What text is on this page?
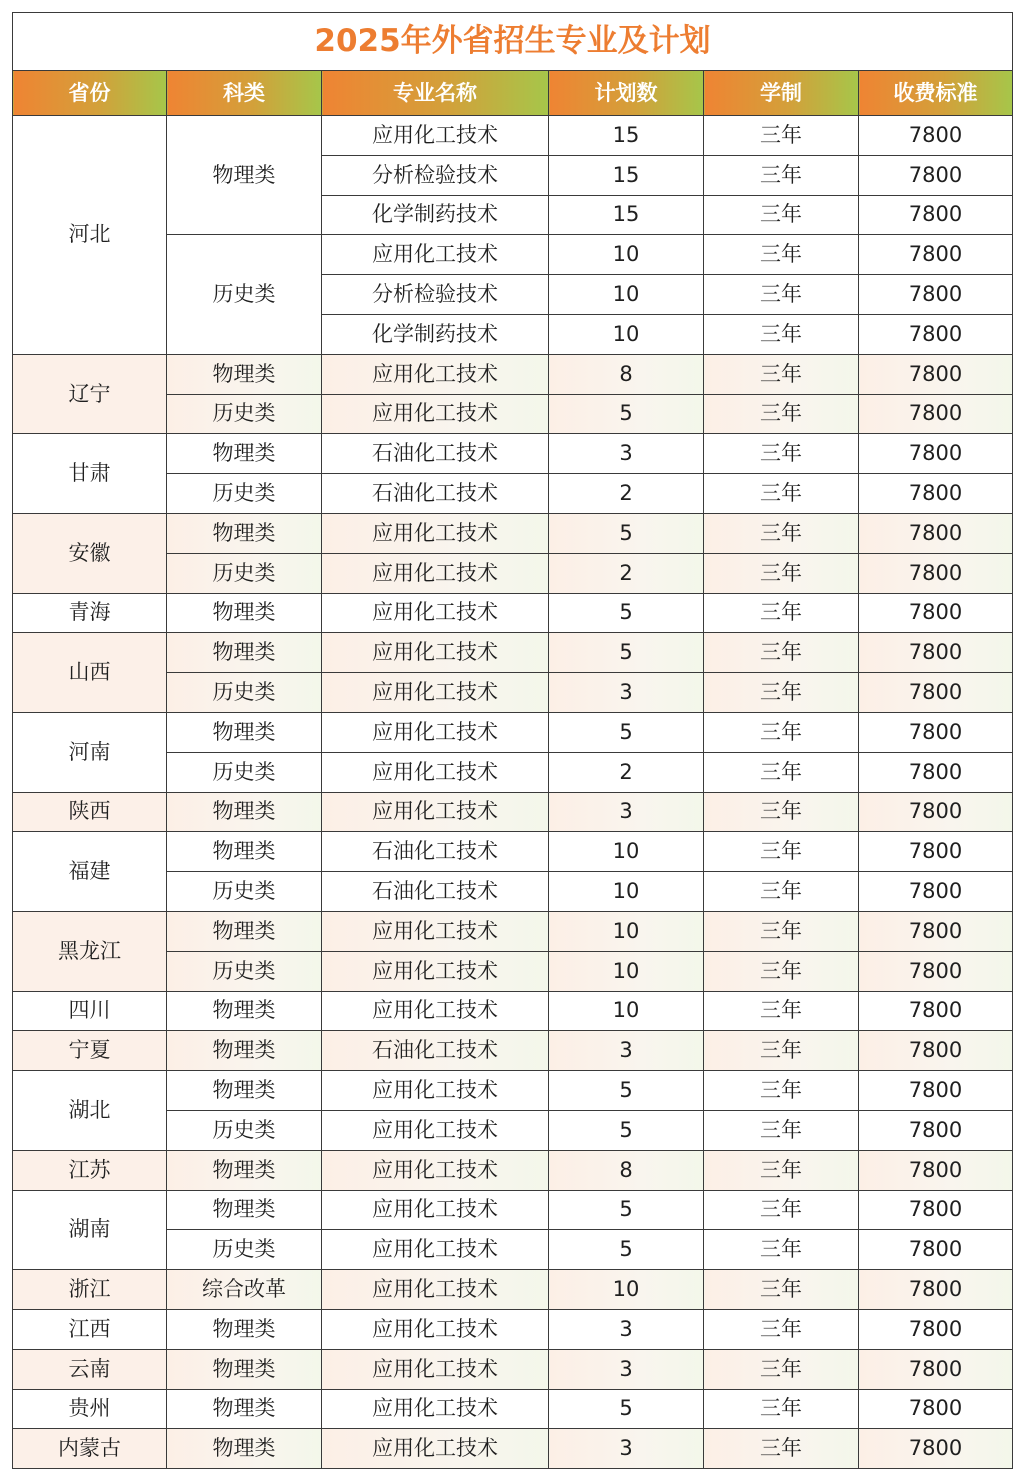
2025年外省招生专业及计划					
省份	科类	专业名称	计划数	学制	收费标准
河北	物理类	应用化工技术	15	三年	7800
		分析检验技术	15	三年	7800
		化学制药技术	15	三年	7800
	历史类	应用化工技术	10	三年	7800
		分析检验技术	10	三年	7800
		化学制药技术	10	三年	7800
辽宁	物理类	应用化工技术	8	三年	7800
	历史类	应用化工技术	5	三年	7800
甘肃	物理类	石油化工技术	3	三年	7800
	历史类	石油化工技术	2	三年	7800
安徽	物理类	应用化工技术	5	三年	7800
	历史类	应用化工技术	2	三年	7800
青海	物理类	应用化工技术	5	三年	7800
山西	物理类	应用化工技术	5	三年	7800
	历史类	应用化工技术	3	三年	7800
河南	物理类	应用化工技术	5	三年	7800
	历史类	应用化工技术	2	三年	7800
陕西	物理类	应用化工技术	3	三年	7800
福建	物理类	石油化工技术	10	三年	7800
	历史类	石油化工技术	10	三年	7800
黑龙江	物理类	应用化工技术	10	三年	7800
	历史类	应用化工技术	10	三年	7800
四川	物理类	应用化工技术	10	三年	7800
宁夏	物理类	石油化工技术	3	三年	7800
湖北	物理类	应用化工技术	5	三年	7800
	历史类	应用化工技术	5	三年	7800
江苏	物理类	应用化工技术	8	三年	7800
湖南	物理类	应用化工技术	5	三年	7800
	历史类	应用化工技术	5	三年	7800
浙江	综合改革	应用化工技术	10	三年	7800
江西	物理类	应用化工技术	3	三年	7800
云南	物理类	应用化工技术	3	三年	7800
贵州	物理类	应用化工技术	5	三年	7800
内蒙古	物理类	应用化工技术	3	三年	7800
